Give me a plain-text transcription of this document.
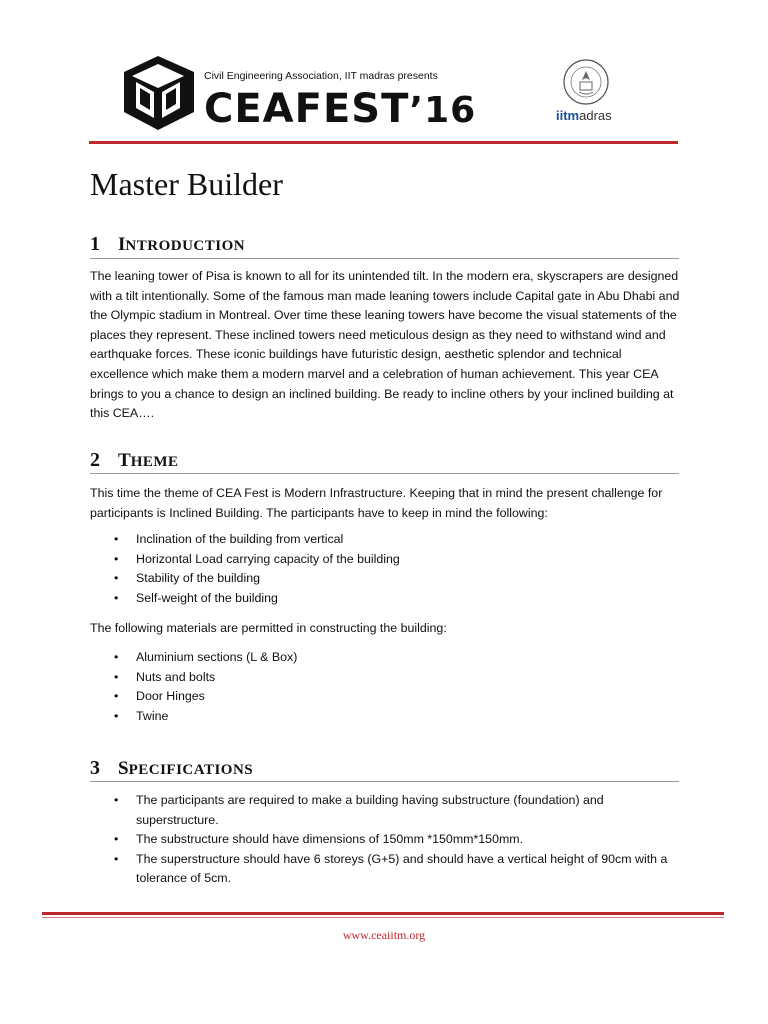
Civil Engineering Association, IIT madras presents
CEAFEST’16	iitmadras
Master Builder
1 INTRODUCTION

The leaning tower of Pisa is known to all for its unintended tilt. In the modern era, skyscrapers are designed with a tilt intentionally. Some of the famous man made leaning towers include Capital gate in Abu Dhabi and the Olympic stadium in Montreal. Over time these leaning towers have become the visual statements of the places they represent. These inclined towers need meticulous design as they need to withstand wind and earthquake forces. These iconic buildings have futuristic design, aesthetic splendor and technical excellence which make them a modern marvel and a celebration of human achievement. This year CEA brings to you a chance to design an inclined building. Be ready to incline others by your inclined building at this CEA….

2 THEME

This time the theme of CEA Fest is Modern Infrastructure. Keeping that in mind the present challenge for participants is Inclined Building. The participants have to keep in mind the following:

• Inclination of the building from vertical
• Horizontal Load carrying capacity of the building
• Stability of the building
• Self-weight of the building

The following materials are permitted in constructing the building:

• Aluminium sections (L & Box)
• Nuts and bolts
• Door Hinges
• Twine
3 SPECIFICATIONS
• The participants are required to make a building having substructure (foundation) and superstructure.
• The substructure should have dimensions of 150mm *150mm*150mm.
• The superstructure should have 6 storeys (G+5) and should have a vertical height of 90cm with a tolerance of 5cm.
www.ceaiitm.org
